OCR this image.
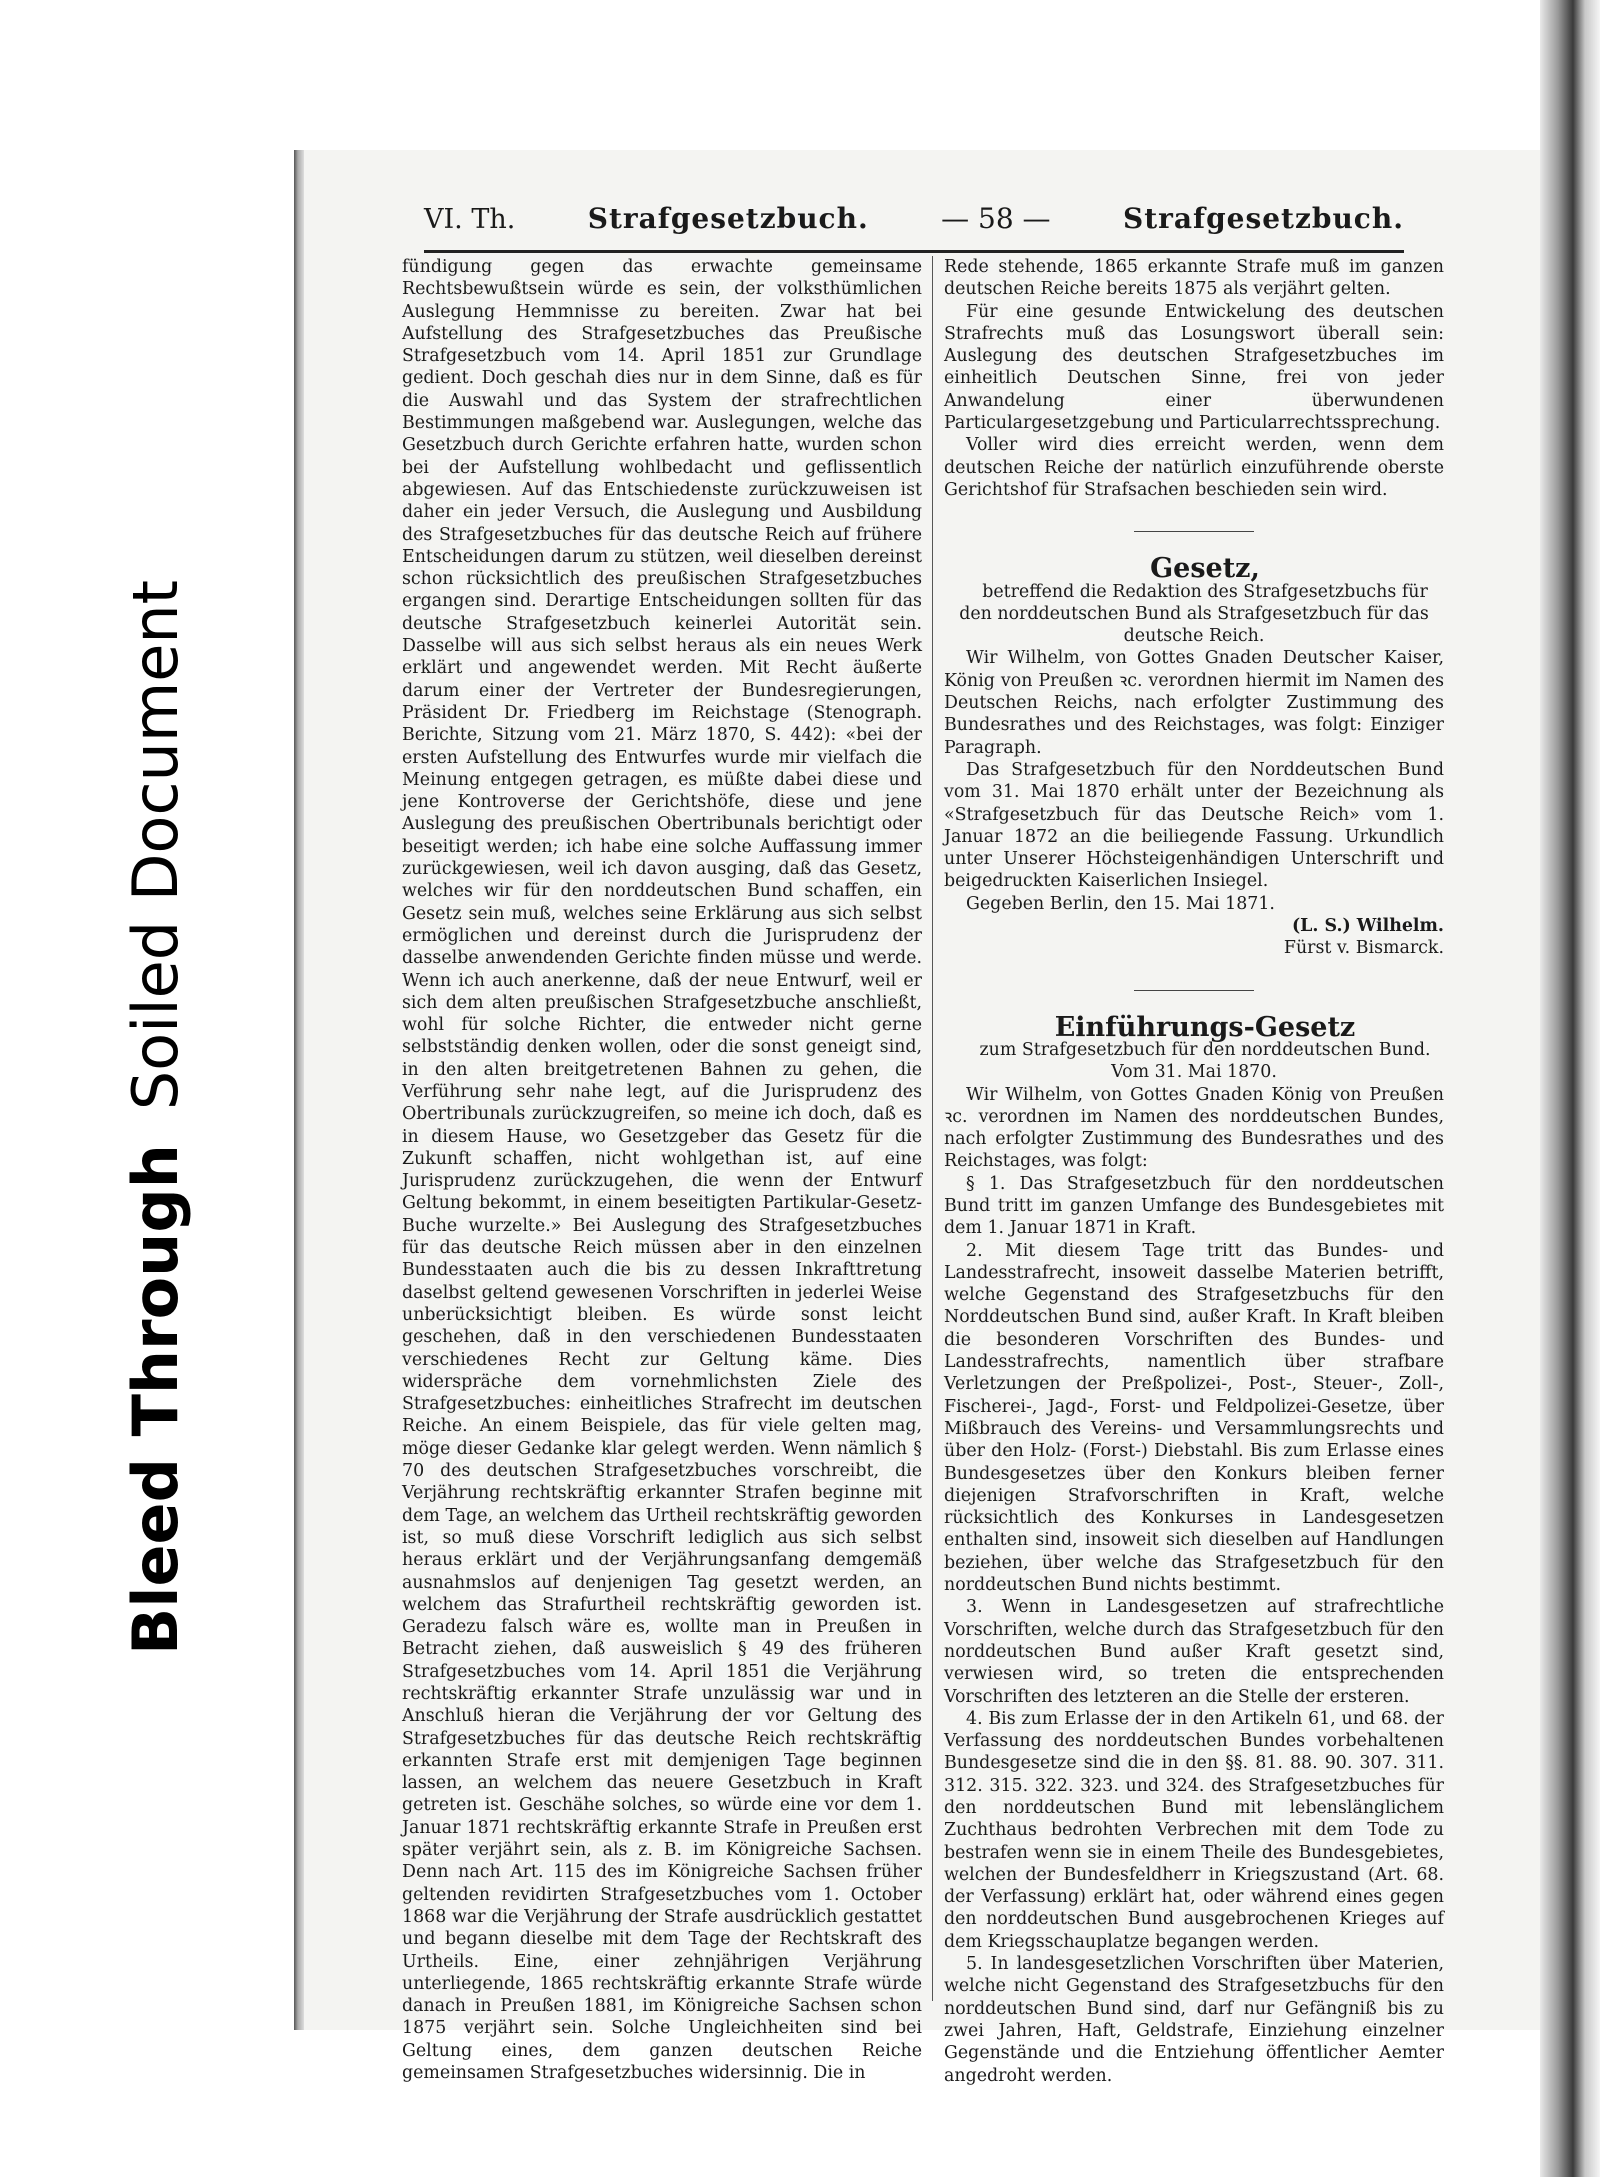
Bleed Through
Soiled Document
VI. Th.	Strafgesetzbuch.	— 58 —	Strafgesetzbuch.

fündigung gegen das erwachte gemeinsame Rechtsbewußtsein würde es sein, der volksthümlichen Auslegung Hemmnisse zu bereiten. Zwar hat bei Aufstellung des Strafgesetzbuches das Preußische Strafgesetzbuch vom 14. April 1851 zur Grundlage gedient. Doch geschah dies nur in dem Sinne, daß es für die Auswahl und das System der strafrechtlichen Bestimmungen maßgebend war. Auslegungen, welche das Gesetzbuch durch Gerichte erfahren hatte, wurden schon bei der Aufstellung wohlbedacht und geflissentlich abgewiesen. Auf das Entschiedenste zurückzuweisen ist daher ein jeder Versuch, die Auslegung und Ausbildung des Strafgesetzbuches für das deutsche Reich auf frühere Entscheidungen darum zu stützen, weil dieselben dereinst schon rücksichtlich des preußischen Strafgesetzbuches ergangen sind. Derartige Entscheidungen sollten für das deutsche Strafgesetzbuch keinerlei Autorität sein. Dasselbe will aus sich selbst heraus als ein neues Werk erklärt und angewendet werden. Mit Recht äußerte darum einer der Vertreter der Bundesregierungen, Präsident Dr. Friedberg im Reichstage (Stenograph. Berichte, Sitzung vom 21. März 1870, S. 442): «bei der ersten Aufstellung des Entwurfes wurde mir vielfach die Meinung entgegen getragen, es müßte dabei diese und jene Kontroverse der Gerichtshöfe, diese und jene Auslegung des preußischen Obertribunals berichtigt oder beseitigt werden; ich habe eine solche Auffassung immer zurückgewiesen, weil ich davon ausging, daß das Gesetz, welches wir für den norddeutschen Bund schaffen, ein Gesetz sein muß, welches seine Erklärung aus sich selbst ermöglichen und dereinst durch die Jurisprudenz der dasselbe anwendenden Gerichte finden müsse und werde. Wenn ich auch anerkenne, daß der neue Entwurf, weil er sich dem alten preußischen Strafgesetzbuche anschließt, wohl für solche Richter, die entweder nicht gerne selbstständig denken wollen, oder die sonst geneigt sind, in den alten breitgetretenen Bahnen zu gehen, die Verführung sehr nahe legt, auf die Jurisprudenz des Obertribunals zurückzugreifen, so meine ich doch, daß es in diesem Hause, wo Gesetzgeber das Gesetz für die Zukunft schaffen, nicht wohlgethan ist, auf eine Jurisprudenz zurückzugehen, die wenn der Entwurf Geltung bekommt, in einem beseitigten Partikular-Gesetz-Buche wurzelte.» Bei Auslegung des Strafgesetzbuches für das deutsche Reich müssen aber in den einzelnen Bundesstaaten auch die bis zu dessen Inkrafttretung daselbst geltend gewesenen Vorschriften in jederlei Weise unberücksichtigt bleiben. Es würde sonst leicht geschehen, daß in den verschiedenen Bundesstaaten verschiedenes Recht zur Geltung käme. Dies widerspräche dem vornehmlichsten Ziele des Strafgesetzbuches: einheitliches Strafrecht im deutschen Reiche. An einem Beispiele, das für viele gelten mag, möge dieser Gedanke klar gelegt werden. Wenn nämlich § 70 des deutschen Strafgesetzbuches vorschreibt, die Verjährung rechtskräftig erkannter Strafen beginne mit dem Tage, an welchem das Urtheil rechtskräftig geworden ist, so muß diese Vorschrift lediglich aus sich selbst heraus erklärt und der Verjährungsanfang demgemäß ausnahmslos auf denjenigen Tag gesetzt werden, an welchem das Strafurtheil rechtskräftig geworden ist. Geradezu falsch wäre es, wollte man in Preußen in Betracht ziehen, daß ausweislich § 49 des früheren Strafgesetzbuches vom 14. April 1851 die Verjährung rechtskräftig erkannter Strafe unzulässig war und in Anschluß hieran die Verjährung der vor Geltung des Strafgesetzbuches für das deutsche Reich rechtskräftig erkannten Strafe erst mit demjenigen Tage beginnen lassen, an welchem das neuere Gesetzbuch in Kraft getreten ist. Geschähe solches, so würde eine vor dem 1. Januar 1871 rechtskräftig erkannte Strafe in Preußen erst später verjährt sein, als z. B. im Königreiche Sachsen. Denn nach Art. 115 des im Königreiche Sachsen früher geltenden revidirten Strafgesetzbuches vom 1. October 1868 war die Verjährung der Strafe ausdrücklich gestattet und begann dieselbe mit dem Tage der Rechtskraft des Urtheils. Eine, einer zehnjährigen Verjährung unterliegende, 1865 rechtskräftig erkannte Strafe würde danach in Preußen 1881, im Königreiche Sachsen schon 1875 verjährt sein. Solche Ungleichheiten sind bei Geltung eines, dem ganzen deutschen Reiche gemeinsamen Strafgesetzbuches widersinnig. Die in

Rede stehende, 1865 erkannte Strafe muß im ganzen deutschen Reiche bereits 1875 als verjährt gelten.

Für eine gesunde Entwickelung des deutschen Strafrechts muß das Losungswort überall sein: Auslegung des deutschen Strafgesetzbuches im einheitlich Deutschen Sinne, frei von jeder Anwandelung einer überwundenen Particulargesetzgebung und Particularrechtssprechung.

Voller wird dies erreicht werden, wenn dem deutschen Reiche der natürlich einzuführende oberste Gerichtshof für Strafsachen beschieden sein wird.

Gesetz,

betreffend die Redaktion des Strafgesetzbuchs für den norddeutschen Bund als Strafgesetzbuch für das deutsche Reich.

Wir Wilhelm, von Gottes Gnaden Deutscher Kaiser, König von Preußen ꝛc. verordnen hiermit im Namen des Deutschen Reichs, nach erfolgter Zustimmung des Bundesrathes und des Reichstages, was folgt: Einziger Paragraph.

Das Strafgesetzbuch für den Norddeutschen Bund vom 31. Mai 1870 erhält unter der Bezeichnung als «Strafgesetzbuch für das Deutsche Reich» vom 1. Januar 1872 an die beiliegende Fassung. Urkundlich unter Unserer Höchsteigenhändigen Unterschrift und beigedruckten Kaiserlichen Insiegel.

Gegeben Berlin, den 15. Mai 1871.

(L. S.) Wilhelm.

Fürst v. Bismarck.

Einführungs-Gesetz

zum Strafgesetzbuch für den norddeutschen Bund. Vom 31. Mai 1870.

Wir Wilhelm, von Gottes Gnaden König von Preußen ꝛc. verordnen im Namen des norddeutschen Bundes, nach erfolgter Zustimmung des Bundesrathes und des Reichstages, was folgt:

§ 1. Das Strafgesetzbuch für den norddeutschen Bund tritt im ganzen Umfange des Bundesgebietes mit dem 1. Januar 1871 in Kraft.

2. Mit diesem Tage tritt das Bundes- und Landesstrafrecht, insoweit dasselbe Materien betrifft, welche Gegenstand des Strafgesetzbuchs für den Norddeutschen Bund sind, außer Kraft. In Kraft bleiben die besonderen Vorschriften des Bundes- und Landesstrafrechts, namentlich über strafbare Verletzungen der Preßpolizei-, Post-, Steuer-, Zoll-, Fischerei-, Jagd-, Forst- und Feldpolizei-Gesetze, über Mißbrauch des Vereins- und Versammlungsrechts und über den Holz- (Forst-) Diebstahl. Bis zum Erlasse eines Bundesgesetzes über den Konkurs bleiben ferner diejenigen Strafvorschriften in Kraft, welche rücksichtlich des Konkurses in Landesgesetzen enthalten sind, insoweit sich dieselben auf Handlungen beziehen, über welche das Strafgesetzbuch für den norddeutschen Bund nichts bestimmt.

3. Wenn in Landesgesetzen auf strafrechtliche Vorschriften, welche durch das Strafgesetzbuch für den norddeutschen Bund außer Kraft gesetzt sind, verwiesen wird, so treten die entsprechenden Vorschriften des letzteren an die Stelle der ersteren.

4. Bis zum Erlasse der in den Artikeln 61, und 68. der Verfassung des norddeutschen Bundes vorbehaltenen Bundesgesetze sind die in den §§. 81. 88. 90. 307. 311. 312. 315. 322. 323. und 324. des Strafgesetzbuches für den norddeutschen Bund mit lebenslänglichem Zuchthaus bedrohten Verbrechen mit dem Tode zu bestrafen wenn sie in einem Theile des Bundesgebietes, welchen der Bundesfeldherr in Kriegszustand (Art. 68. der Verfassung) erklärt hat, oder während eines gegen den norddeutschen Bund ausgebrochenen Krieges auf dem Kriegsschauplatze begangen werden.

5. In landesgesetzlichen Vorschriften über Materien, welche nicht Gegenstand des Strafgesetzbuchs für den norddeutschen Bund sind, darf nur Gefängniß bis zu zwei Jahren, Haft, Geldstrafe, Einziehung einzelner Gegenstände und die Entziehung öffentlicher Aemter angedroht werden.
